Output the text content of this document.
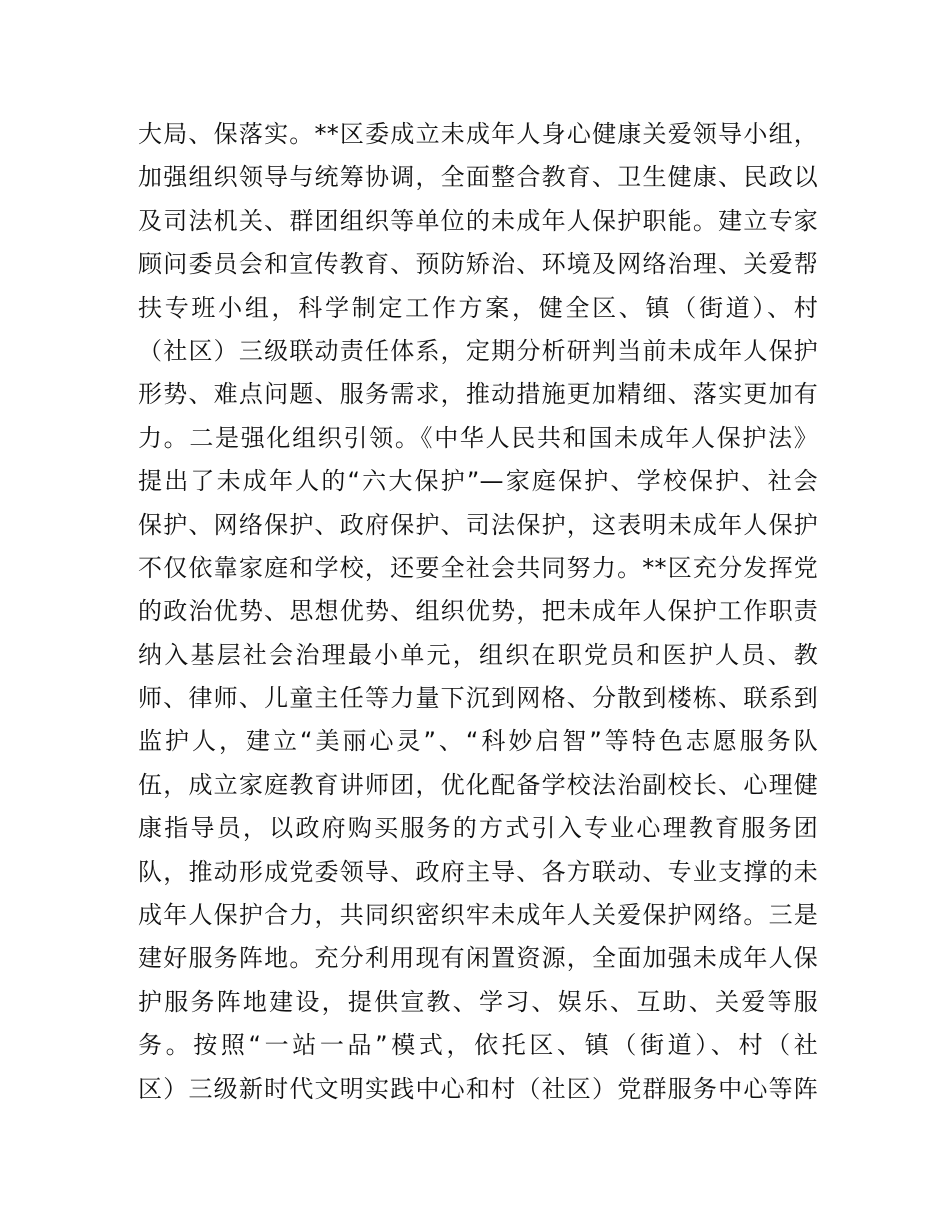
大局、保落实。**区委成立未成年人身心健康关爱领导小组，
加强组织领导与统筹协调，全面整合教育、卫生健康、民政以
及司法机关、群团组织等单位的未成年人保护职能。建立专家
顾问委员会和宣传教育、预防矫治、环境及网络治理、关爱帮
扶专班小组，科学制定工作方案，健全区、镇（街道）、村
（社区）三级联动责任体系，定期分析研判当前未成年人保护
形势、难点问题、服务需求，推动措施更加精细、落实更加有
力。二是强化组织引领。《中华人民共和国未成年人保护法》
提出了未成年人的“六大保护”—家庭保护、学校保护、社会
保护、网络保护、政府保护、司法保护，这表明未成年人保护
不仅依靠家庭和学校，还要全社会共同努力。**区充分发挥党
的政治优势、思想优势、组织优势，把未成年人保护工作职责
纳入基层社会治理最小单元，组织在职党员和医护人员、教
师、律师、儿童主任等力量下沉到网格、分散到楼栋、联系到
监护人，建立“美丽心灵”、“科妙启智”等特色志愿服务队
伍，成立家庭教育讲师团，优化配备学校法治副校长、心理健
康指导员，以政府购买服务的方式引入专业心理教育服务团
队，推动形成党委领导、政府主导、各方联动、专业支撑的未
成年人保护合力，共同织密织牢未成年人关爱保护网络。三是
建好服务阵地。充分利用现有闲置资源，全面加强未成年人保
护服务阵地建设，提供宣教、学习、娱乐、互助、关爱等服
务。按照“一站一品”模式，依托区、镇（街道）、村（社
区）三级新时代文明实践中心和村（社区）党群服务中心等阵
